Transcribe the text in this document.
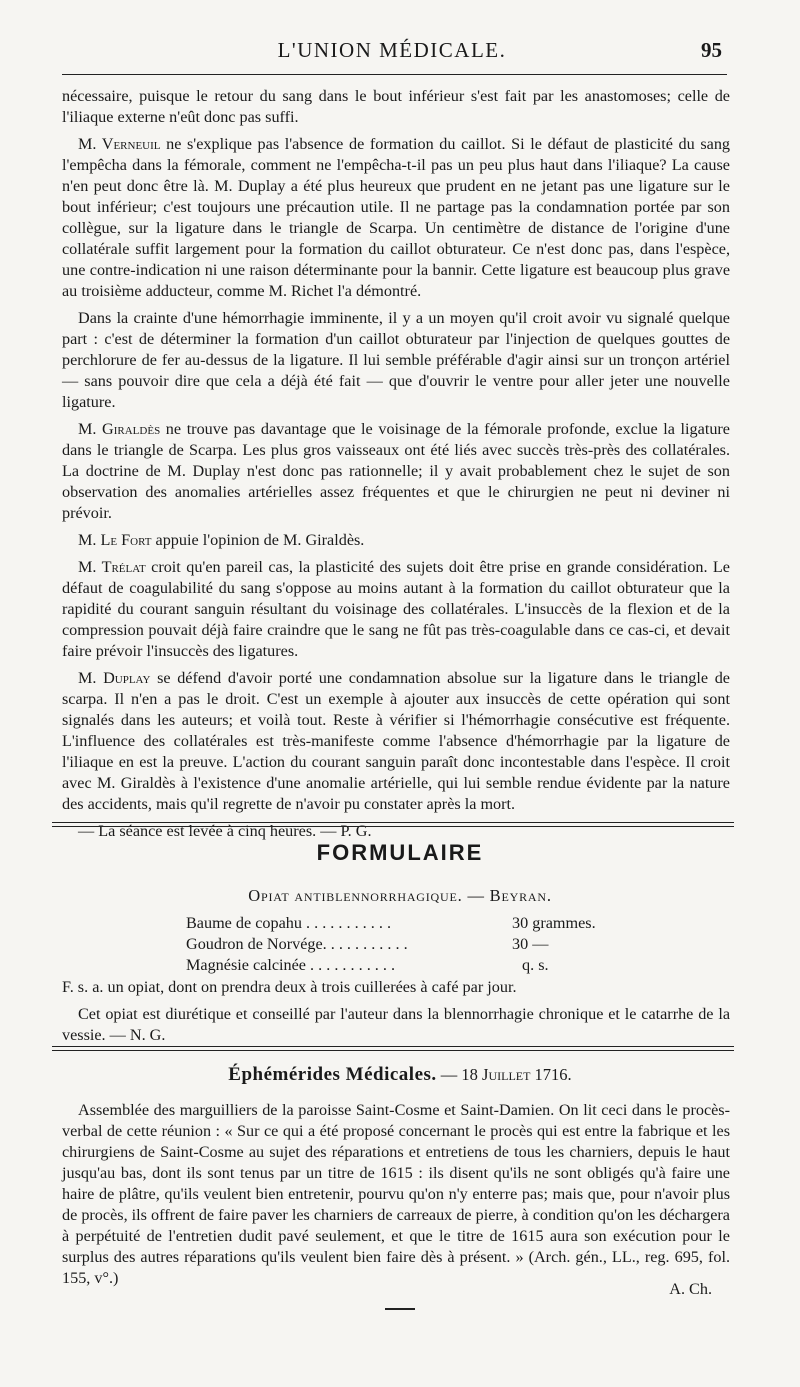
L'UNION MÉDICALE.	95

nécessaire, puisque le retour du sang dans le bout inférieur s'est fait par les anastomoses; celle de l'iliaque externe n'eût donc pas suffi.

M. Verneuil ne s'explique pas l'absence de formation du caillot. Si le défaut de plasticité du sang l'empêcha dans la fémorale, comment ne l'empêcha-t-il pas un peu plus haut dans l'iliaque? La cause n'en peut donc être là. M. Duplay a été plus heureux que prudent en ne jetant pas une ligature sur le bout inférieur; c'est toujours une précaution utile. Il ne partage pas la condamnation portée par son collègue, sur la ligature dans le triangle de Scarpa. Un centimètre de distance de l'origine d'une collatérale suffit largement pour la formation du caillot obturateur. Ce n'est donc pas, dans l'espèce, une contre-indication ni une raison déterminante pour la bannir. Cette ligature est beaucoup plus grave au troisième adducteur, comme M. Richet l'a démontré.

Dans la crainte d'une hémorrhagie imminente, il y a un moyen qu'il croit avoir vu signalé quelque part : c'est de déterminer la formation d'un caillot obturateur par l'injection de quelques gouttes de perchlorure de fer au-dessus de la ligature. Il lui semble préférable d'agir ainsi sur un tronçon artériel — sans pouvoir dire que cela a déjà été fait — que d'ouvrir le ventre pour aller jeter une nouvelle ligature.

M. Giraldès ne trouve pas davantage que le voisinage de la fémorale profonde, exclue la ligature dans le triangle de Scarpa. Les plus gros vaisseaux ont été liés avec succès très-près des collatérales. La doctrine de M. Duplay n'est donc pas rationnelle; il y avait probablement chez le sujet de son observation des anomalies artérielles assez fréquentes et que le chirurgien ne peut ni deviner ni prévoir.

M. Le Fort appuie l'opinion de M. Giraldès.

M. Trélat croit qu'en pareil cas, la plasticité des sujets doit être prise en grande considération. Le défaut de coagulabilité du sang s'oppose au moins autant à la formation du caillot obturateur que la rapidité du courant sanguin résultant du voisinage des collatérales. L'insuccès de la flexion et de la compression pouvait déjà faire craindre que le sang ne fût pas très-coagulable dans ce cas-ci, et devait faire prévoir l'insuccès des ligatures.

M. Duplay se défend d'avoir porté une condamnation absolue sur la ligature dans le triangle de scarpa. Il n'en a pas le droit. C'est un exemple à ajouter aux insuccès de cette opération qui sont signalés dans les auteurs; et voilà tout. Reste à vérifier si l'hémorrhagie consécutive est fréquente. L'influence des collatérales est très-manifeste comme l'absence d'hémorrhagie par la ligature de l'iliaque en est la preuve. L'action du courant sanguin paraît donc incontestable dans l'espèce. Il croit avec M. Giraldès à l'existence d'une anomalie artérielle, qui lui semble rendue évidente par la nature des accidents, mais qu'il regrette de n'avoir pu constater après la mort.

— La séance est levée à cinq heures. — P. G.

FORMULAIRE
Opiat antiblennorrhagique. — Beyran.
Baume de copahu . . . . . . . . . . .	30 grammes.
Goudron de Norvége. . . . . . . . . . .	30 —
Magnésie calcinée . . . . . . . . . . .	q. s.

F. s. a. un opiat, dont on prendra deux à trois cuillerées à café par jour.

Cet opiat est diurétique et conseillé par l'auteur dans la blennorrhagie chronique et le catarrhe de la vessie. — N. G.

Éphémérides Médicales. — 18 Juillet 1716.

Assemblée des marguilliers de la paroisse Saint-Cosme et Saint-Damien. On lit ceci dans le procès-verbal de cette réunion : « Sur ce qui a été proposé concernant le procès qui est entre la fabrique et les chirurgiens de Saint-Cosme au sujet des réparations et entretiens de tous les charniers, depuis le haut jusqu'au bas, dont ils sont tenus par un titre de 1615 : ils disent qu'ils ne sont obligés qu'à faire une haire de plâtre, qu'ils veulent bien entretenir, pourvu qu'on n'y enterre pas; mais que, pour n'avoir plus de procès, ils offrent de faire paver les charniers de carreaux de pierre, à condition qu'on les déchargera à perpétuité de l'entretien dudit pavé seulement, et que le titre de 1615 aura son exécution pour le surplus des autres réparations qu'ils veulent bien faire dès à présent. » (Arch. gén., LL., reg. 695, fol. 155, v°.)

A. Ch.
